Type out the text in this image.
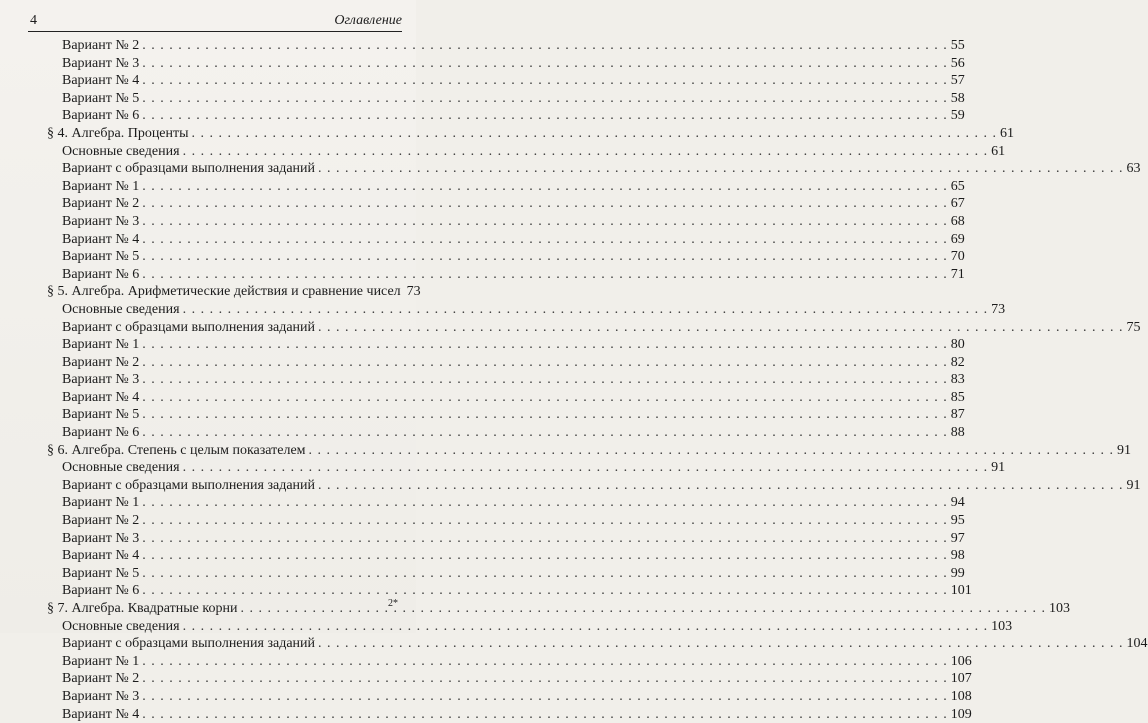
4	Оглавление
Вариант № 2 . . .	55
Вариант № 3 . . .	56
Вариант № 4 . . .	57
Вариант № 5 . . .	58
Вариант № 6 . . .	59
§ 4. Алгебра. Проценты . . .	61
Основные сведения . . .	61
Вариант с образцами выполнения заданий . . .	63
Вариант № 1 . . .	65
Вариант № 2 . . .	67
Вариант № 3 . . .	68
Вариант № 4 . . .	69
Вариант № 5 . . .	70
Вариант № 6 . . .	71
§ 5. Алгебра. Арифметические действия и сравнение чисел 73
Основные сведения . . .	73
Вариант с образцами выполнения заданий . . .	75
Вариант № 1 . . .	80
Вариант № 2 . . .	82
Вариант № 3 . . .	83
Вариант № 4 . . .	85
Вариант № 5 . . .	87
Вариант № 6 . . .	88
§ 6. Алгебра. Степень с целым показателем . . .	91
Основные сведения . . .	91
Вариант с образцами выполнения заданий . . .	91
Вариант № 1 . . .	94
Вариант № 2 . . .	95
Вариант № 3 . . .	97
Вариант № 4 . . .	98
Вариант № 5 . . .	99
Вариант № 6 . . .	101
§ 7. Алгебра. Квадратные корни . . .	103
Основные сведения . . .	103
Вариант с образцами выполнения заданий . . .	104
Вариант № 1 . . .	106
Вариант № 2 . . .	107
Вариант № 3 . . .	108
Вариант № 4 . . .	109
2*
